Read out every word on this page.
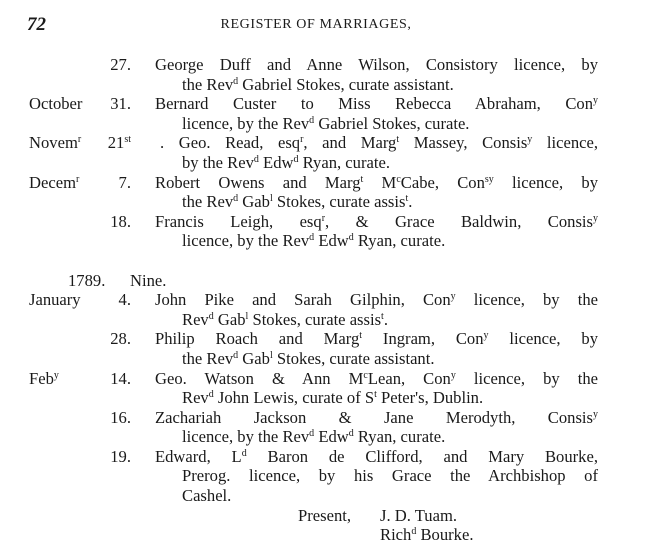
72	REGISTER OF MARRIAGES,
27. George Duff and Anne Wilson, Consistory licence, by
the Rev$^d$ Gabriel Stokes, curate assistant.
October 31. Bernard Custer to Miss Rebecca Abraham, Con$^y$
licence, by the Rev$^d$ Gabriel Stokes, curate.
Novem$^r$ 21st . Geo. Read, esq$^r$, and Marg$^t$ Massey, Consis$^y$ licence,
by the Rev$^d$ Edw$^d$ Ryan, curate.
Decem$^r$ 7. Robert Owens and Marg$^t$ $M^cCabe$, Con$^{sy}$ licence, by
the Rev$^d$ Gab$^l$ Stokes, curate assis$^t$.
18. Francis Leigh, esq$^r$, & Grace Baldwin, Consis$^y$
licence, by the Rev$^d$ Edw$^d$ Ryan, curate.
1789. Nine.
January 4. John Pike and Sarah Gilphin, Con$^y$ licence, by the
Rev$^d$ Gab$^l$ Stokes, curate assis$^t$.
28. Philip Roach and Marg$^t$ Ingram, Con$^y$ licence, by
the Rev$^d$ Gab$^l$ Stokes, curate assistant.
Feb$^y$	14. Geo. Watson & Ann $M^cLean$, Con$^y$ licence, by the
Rev$^d$ John Lewis, curate of $S^t$ Peter's, Dublin.
16. Zachariah Jackson & Jane Merodyth, Consis$^y$
licence, by the Rev$^d$ Edw$^d$ Ryan, curate.
19. Edward, $L^d$ Baron de Clifford, and Mary Bourke,
Prerog. licence, by his Grace the Archbishop of
Cashel.
Present, J. D. Tuam.
Rich$^d$ Bourke.
